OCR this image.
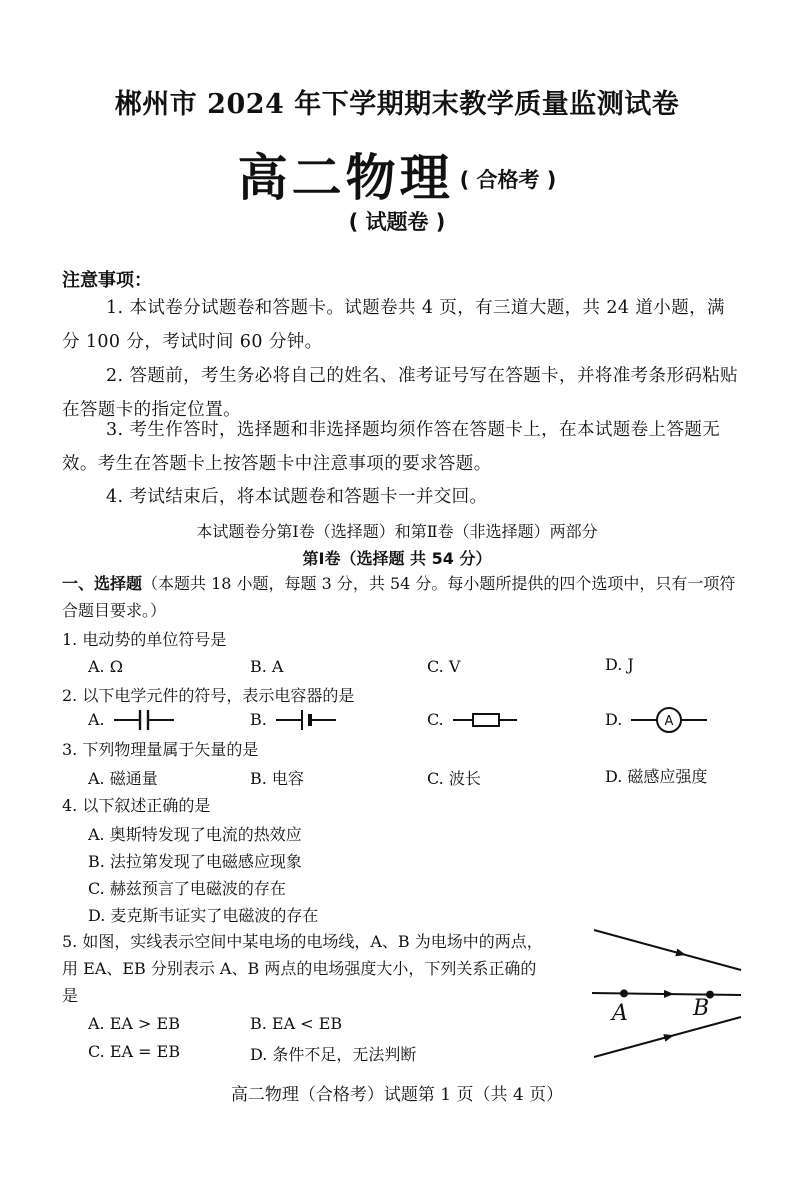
郴州市 2024 年下学期期末教学质量监测试卷
高二物理 ( 合格考 )
( 试题卷 )
注意事项：
1. 本试卷分试题卷和答题卡。试题卷共 4 页，有三道大题，共 24 道小题，满分 100 分，考试时间 60 分钟。
2. 答题前，考生务必将自己的姓名、准考证号写在答题卡，并将准考条形码粘贴在答题卡的指定位置。
3. 考生作答时，选择题和非选择题均须作答在答题卡上，在本试题卷上答题无效。考生在答题卡上按答题卡中注意事项的要求答题。
4. 考试结束后，将本试题卷和答题卡一并交回。
本试题卷分第Ⅰ卷（选择题）和第Ⅱ卷（非选择题）两部分
第Ⅰ卷（选择题 共 54 分）
一、选择题（本题共 18 小题，每题 3 分，共 54 分。每小题所提供的四个选项中，只有一项符合题目要求。）
1. 电动势的单位符号是
A. Ω	B. A	C. V	D. J
2. 以下电学元件的符号，表示电容器的是
A.	B.	C.	D.	A
3. 下列物理量属于矢量的是
A. 磁通量	B. 电容	C. 波长	D. 磁感应强度
4. 以下叙述正确的是
A. 奥斯特发现了电流的热效应
B. 法拉第发现了电磁感应现象
C. 赫兹预言了电磁波的存在
D. 麦克斯韦证实了电磁波的存在
5. 如图，实线表示空间中某电场的电场线，A、B 为电场中的两点，
用 EA、EB 分别表示 A、B 两点的电场强度大小，下列关系正确的
是
A. EA > EB	B. EA < EB
C. EA = EB	D. 条件不足，无法判断
A	B
高二物理（合格考）试题第 1 页（共 4 页）
